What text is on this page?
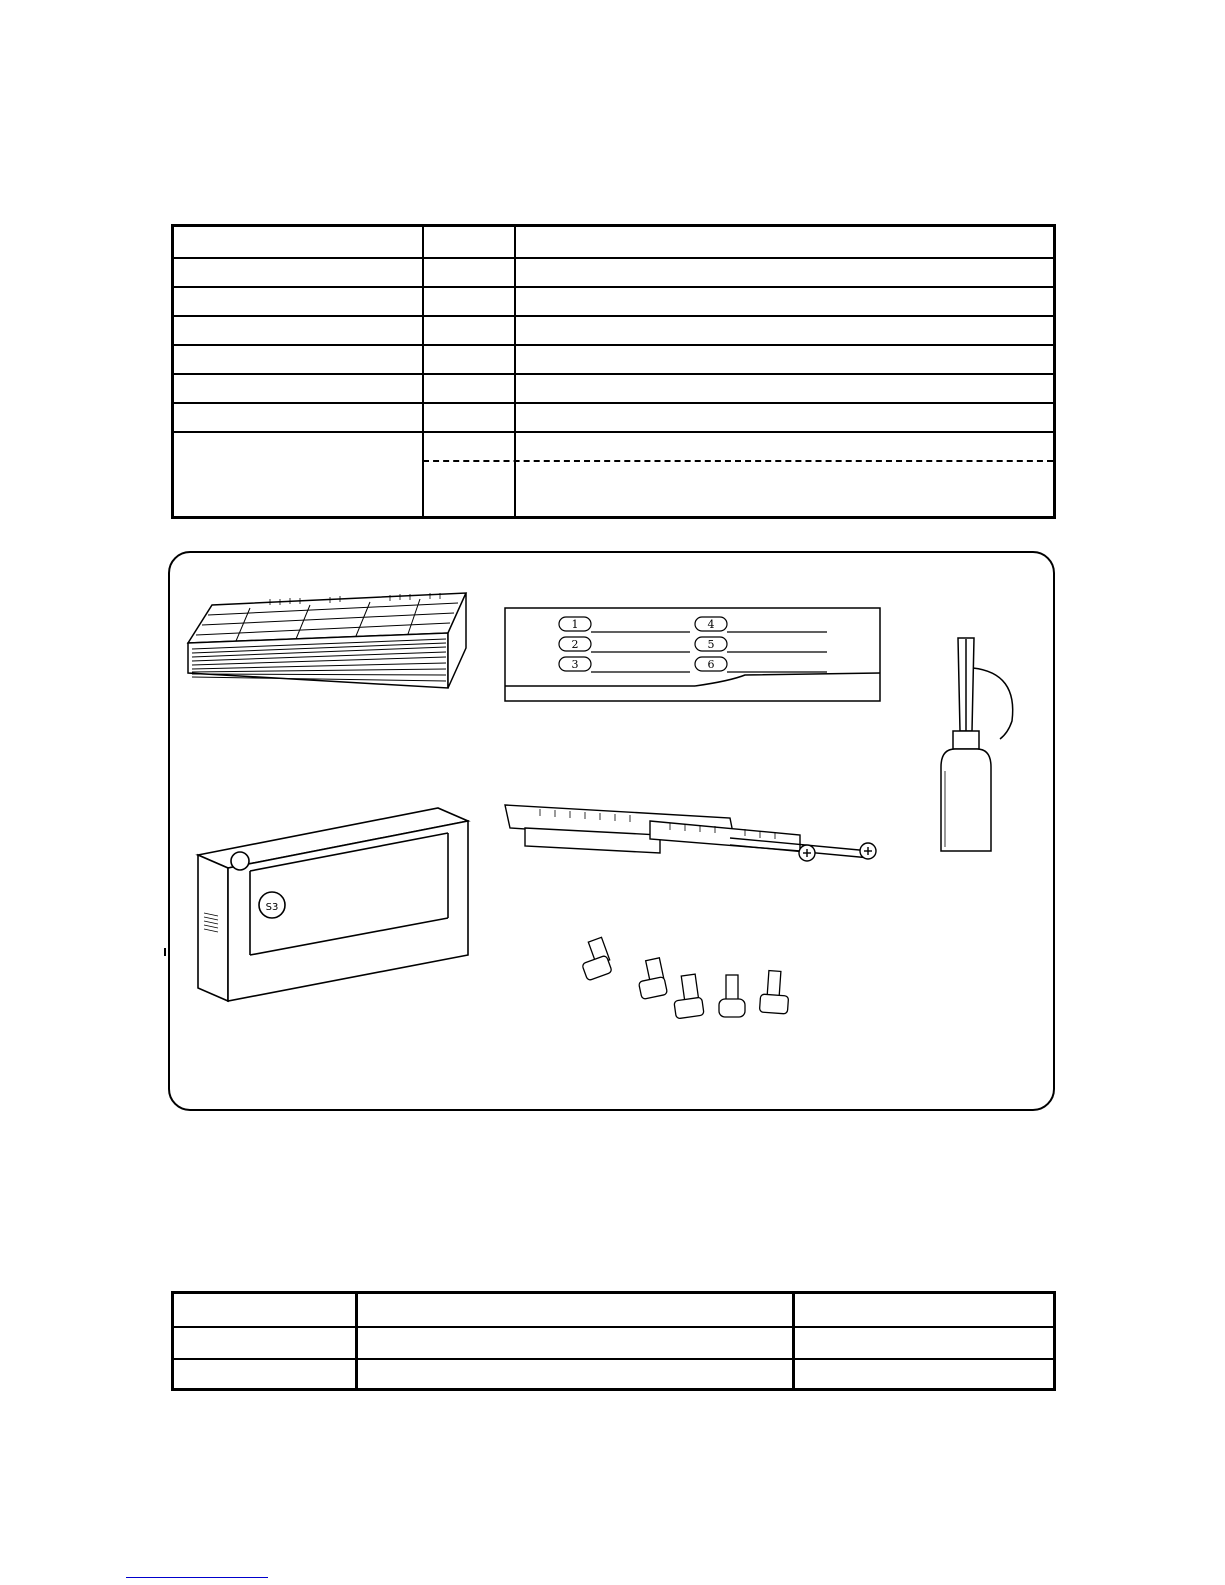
1
2
3
4
5
6
S3
